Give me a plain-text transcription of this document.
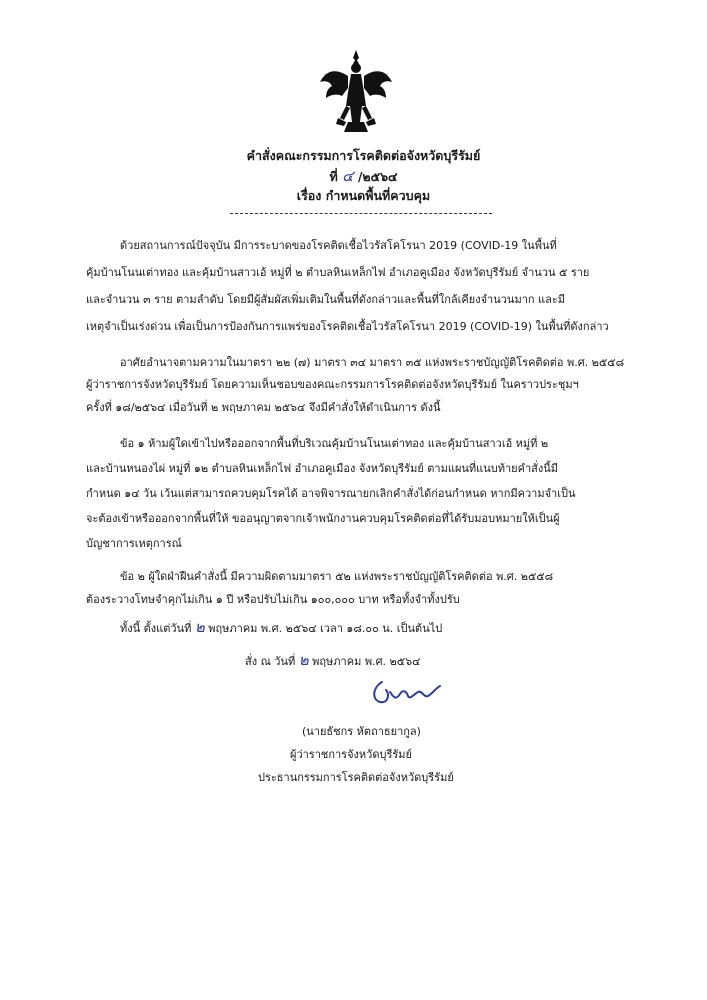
คำสั่งคณะกรรมการโรคติดต่อจังหวัดบุรีรัมย์
ที่ ๔ /๒๕๖๔
เรื่อง กำหนดพื้นที่ควบคุม
ด้วยสถานการณ์ปัจจุบัน มีการระบาดของโรคติดเชื้อไวรัสโคโรนา 2019 (COVID-19 ในพื้นที่
คุ้มบ้านโนนเต่าทอง และคุ้มบ้านสาวเอ้ หมู่ที่ ๒ ตำบลหินเหล็กไฟ อำเภอคูเมือง จังหวัดบุรีรัมย์ จำนวน ๕ ราย
และจำนวน ๓ ราย ตามลำดับ โดยมีผู้สัมผัสเพิ่มเติมในพื้นที่ดังกล่าวและพื้นที่ใกล้เคียงจำนวนมาก และมี
เหตุจำเป็นเร่งด่วน เพื่อเป็นการป้องกันการแพร่ของโรคติดเชื้อไวรัสโคโรนา 2019 (COVID-19) ในพื้นที่ดังกล่าว
อาศัยอำนาจตามความในมาตรา ๒๒ (๗) มาตรา ๓๔ มาตรา ๓๕ แห่งพระราชบัญญัติโรคติดต่อ พ.ศ. ๒๕๕๘
ผู้ว่าราชการจังหวัดบุรีรัมย์ โดยความเห็นชอบของคณะกรรมการโรคติดต่อจังหวัดบุรีรัมย์ ในคราวประชุมฯ
ครั้งที่ ๑๘/๒๕๖๔ เมื่อวันที่ ๒ พฤษภาคม ๒๕๖๔ จึงมีคำสั่งให้ดำเนินการ ดังนี้
ข้อ ๑ ห้ามผู้ใดเข้าไปหรือออกจากพื้นที่บริเวณคุ้มบ้านโนนเต่าทอง และคุ้มบ้านสาวเอ้ หมู่ที่ ๒
และบ้านหนองไผ่ หมู่ที่ ๑๒ ตำบลหินเหล็กไฟ อำเภอคูเมือง จังหวัดบุรีรัมย์ ตามแผนที่แนบท้ายคำสั่งนี้มี
กำหนด ๑๔ วัน เว้นแต่สามารถควบคุมโรคได้ อาจพิจารณายกเลิกคำสั่งได้ก่อนกำหนด หากมีความจำเป็น
จะต้องเข้าหรือออกจากพื้นที่ให้ ขออนุญาตจากเจ้าพนักงานควบคุมโรคติดต่อที่ได้รับมอบหมายให้เป็นผู้
บัญชาการเหตุการณ์
ข้อ ๒ ผู้ใดฝ่าฝืนคำสั่งนี้ มีความผิดตามมาตรา ๕๒ แห่งพระราชบัญญัติโรคติดต่อ พ.ศ. ๒๕๕๘
ต้องระวางโทษจำคุกไม่เกิน ๑ ปี หรือปรับไม่เกิน ๑๐๐,๐๐๐ บาท หรือทั้งจำทั้งปรับ
ทั้งนี้ ตั้งแต่วันที่ ๒ พฤษภาคม พ.ศ. ๒๕๖๔ เวลา ๑๘.๐๐ น. เป็นต้นไป
สั่ง ณ วันที่ ๒ พฤษภาคม พ.ศ. ๒๕๖๔
(นายธัชกร หัตถาธยากูล)
ผู้ว่าราชการจังหวัดบุรีรัมย์
ประธานกรรมการโรคติดต่อจังหวัดบุรีรัมย์
